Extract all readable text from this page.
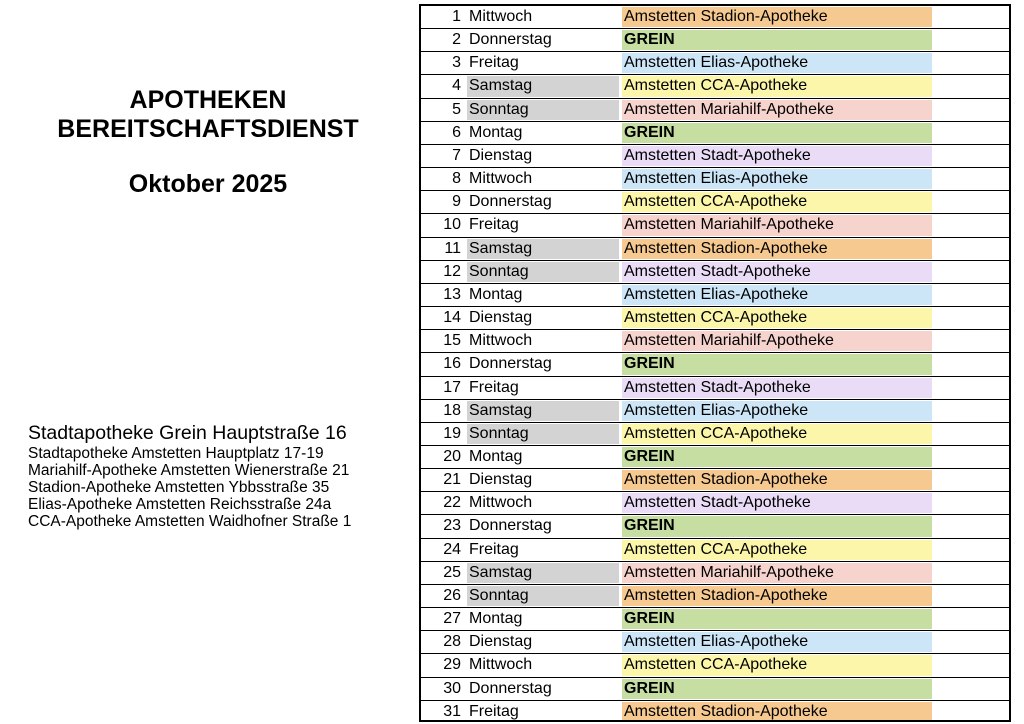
APOTHEKEN
BEREITSCHAFTSDIENST
Oktober 2025
Stadtapotheke Grein Hauptstraße 16
Stadtapotheke Amstetten Hauptplatz 17-19
Mariahilf-Apotheke Amstetten Wienerstraße 21
Stadion-Apotheke Amstetten Ybbsstraße 35
Elias-Apotheke Amstetten Reichsstraße 24a
CCA-Apotheke Amstetten Waidhofner Straße 1
1 Mittwoch	Amstetten Stadion-Apotheke
2 Donnerstag	GREIN
3 Freitag	Amstetten Elias-Apotheke
4 Samstag	Amstetten CCA-Apotheke
5 Sonntag	Amstetten Mariahilf-Apotheke
6 Montag	GREIN
7 Dienstag	Amstetten Stadt-Apotheke
8 Mittwoch	Amstetten Elias-Apotheke
9 Donnerstag	Amstetten CCA-Apotheke
10 Freitag	Amstetten Mariahilf-Apotheke
11 Samstag	Amstetten Stadion-Apotheke
12 Sonntag	Amstetten Stadt-Apotheke
13 Montag	Amstetten Elias-Apotheke
14 Dienstag	Amstetten CCA-Apotheke
15 Mittwoch	Amstetten Mariahilf-Apotheke
16 Donnerstag	GREIN
17 Freitag	Amstetten Stadt-Apotheke
18 Samstag	Amstetten Elias-Apotheke
19 Sonntag	Amstetten CCA-Apotheke
20 Montag	GREIN
21 Dienstag	Amstetten Stadion-Apotheke
22 Mittwoch	Amstetten Stadt-Apotheke
23 Donnerstag	GREIN
24 Freitag	Amstetten CCA-Apotheke
25 Samstag	Amstetten Mariahilf-Apotheke
26 Sonntag	Amstetten Stadion-Apotheke
27 Montag	GREIN
28 Dienstag	Amstetten Elias-Apotheke
29 Mittwoch	Amstetten CCA-Apotheke
30 Donnerstag	GREIN
31 Freitag	Amstetten Stadion-Apotheke
